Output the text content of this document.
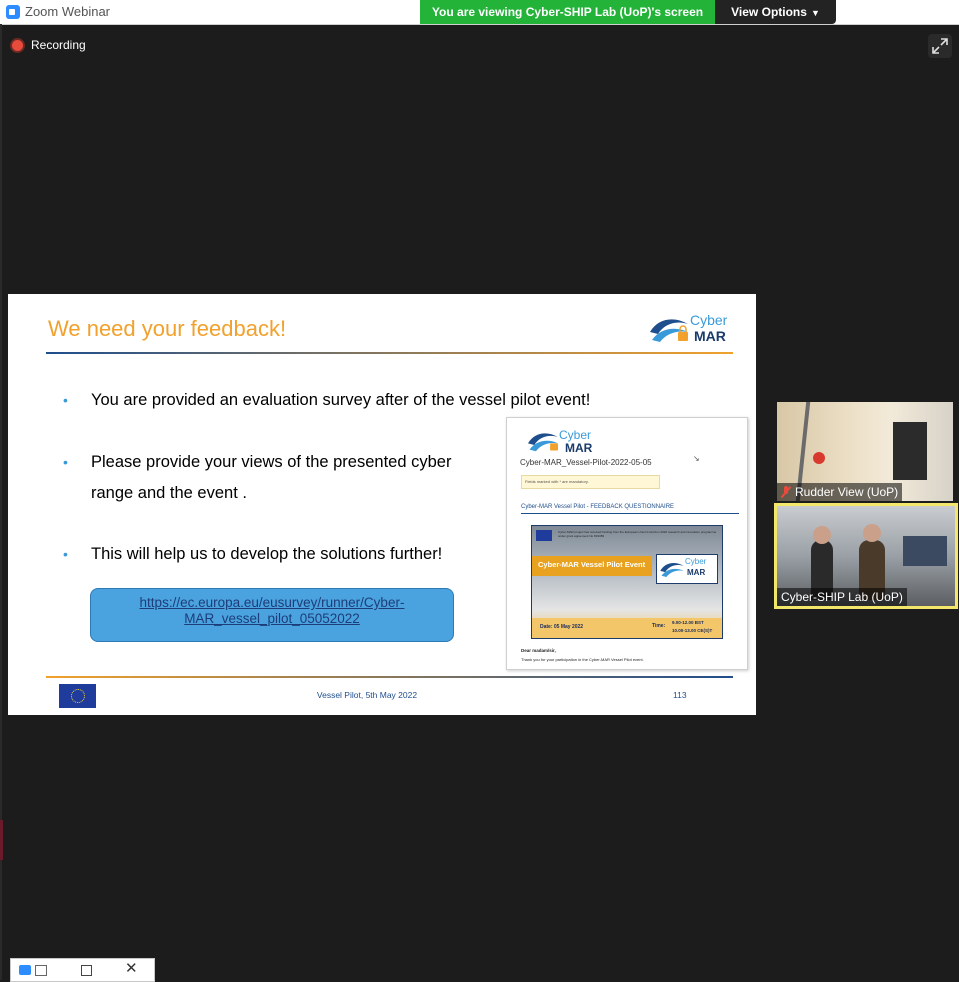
Zoom Webinar	You are viewing Cyber-SHIP Lab (UoP)'s screen	View Options ▼
Recording
We need your feedback!	Cyber
MAR
• You are provided an evaluation survey after of the vessel pilot event!
• Please provide your views of the presented cyber
range and the event .
• This will help us to develop the solutions further!
https://ec.europa.eu/eusurvey/runner/Cyber-
MAR_vessel_pilot_05052022
Cyber
MAR
Cyber-MAR_Vessel-Pilot-2022-05-05	↘
Fields marked with * are mandatory.
Cyber-MAR Vessel Pilot - FEEDBACK QUESTIONNAIRE
Cyber-MAR project has received funding from the European Union's Horizon 2020 research and innovation programme under grant agreement No 833389
Cyber-MAR Vessel Pilot Event	Cyber
MAR
Date: 05 May 2022	Time:
9.00-12.00 BST
10.00-13.00 CE(S)T
Dear madam/sir,
Thank you for your participation in the Cyber-MAR Vessel Pilot event.
Vessel Pilot, 5th May 2022	113
Rudder View (UoP)
Cyber-SHIP Lab (UoP)
✕
